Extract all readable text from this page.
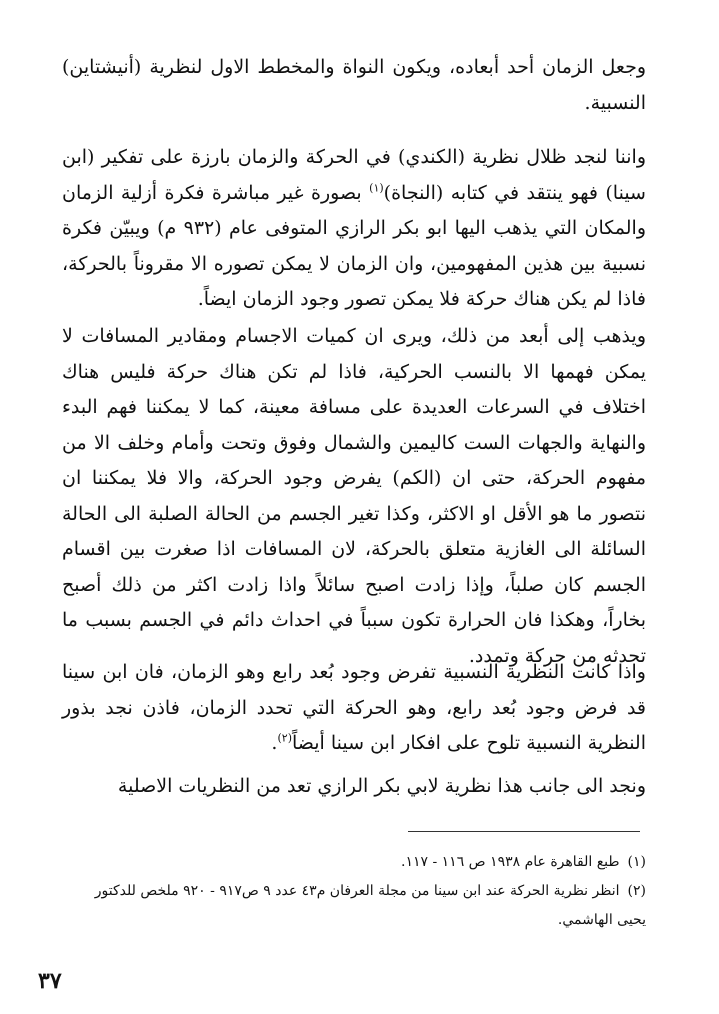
وجعل الزمان أحد أبعاده، ويكون النواة والمخطط الاول لنظرية (أنيشتاين) النسبية.

واننا لنجد ظلال نظرية (الكندي) في الحركة والزمان بارزة على تفكير (ابن سينا) فهو ينتقد في كتابه (النجاة)$^{(١)}$ بصورة غير مباشرة فكرة أزلية الزمان والمكان التي يذهب اليها ابو بكر الرازي المتوفى عام (٩٣٢ م) ويبيّن فكرة نسبية بين هذين المفهومين، وان الزمان لا يمكن تصوره الا مقروناً بالحركة، فاذا لم يكن هناك حركة فلا يمكن تصور وجود الزمان ايضاً.

ويذهب إلى أبعد من ذلك، ويرى ان كميات الاجسام ومقادير المسافات لا يمكن فهمها الا بالنسب الحركية، فاذا لم تكن هناك حركة فليس هناك اختلاف في السرعات العديدة على مسافة معينة، كما لا يمكننا فهم البدء والنهاية والجهات الست كاليمين والشمال وفوق وتحت وأمام وخلف الا من مفهوم الحركة، حتى ان (الكم) يفرض وجود الحركة، والا فلا يمكننا ان نتصور ما هو الأقل او الاكثر، وكذا تغير الجسم من الحالة الصلبة الى الحالة السائلة الى الغازية متعلق بالحركة، لان المسافات اذا صغرت بين اقسام الجسم كان صلباً، وإذا زادت اصبح سائلاً واذا زادت اكثر من ذلك أصبح بخاراً، وهكذا فان الحرارة تكون سبباً في احداث دائم في الجسم بسبب ما تحدثه من حركة وتمدد.

واذا كانت النظرية النسبية تفرض وجود بُعد رابع وهو الزمان، فان ابن سينا قد فرض وجود بُعد رابع، وهو الحركة التي تحدد الزمان، فاذن نجد بذور النظرية النسبية تلوح على افكار ابن سينا أيضاً$^{(٢)}$.

ونجد الى جانب هذا نظرية لابي بكر الرازي تعد من النظريات الاصلية

(١)طبع القاهرة عام ١٩٣٨ ص ١١٦ - ١١٧.
(٢)انظر نظرية الحركة عند ابن سينا من مجلة العرفان م٤٣ عدد ٩ ص٩١٧ - ٩٢٠ ملخص للدكتور يحيى الهاشمي.
٣٧
